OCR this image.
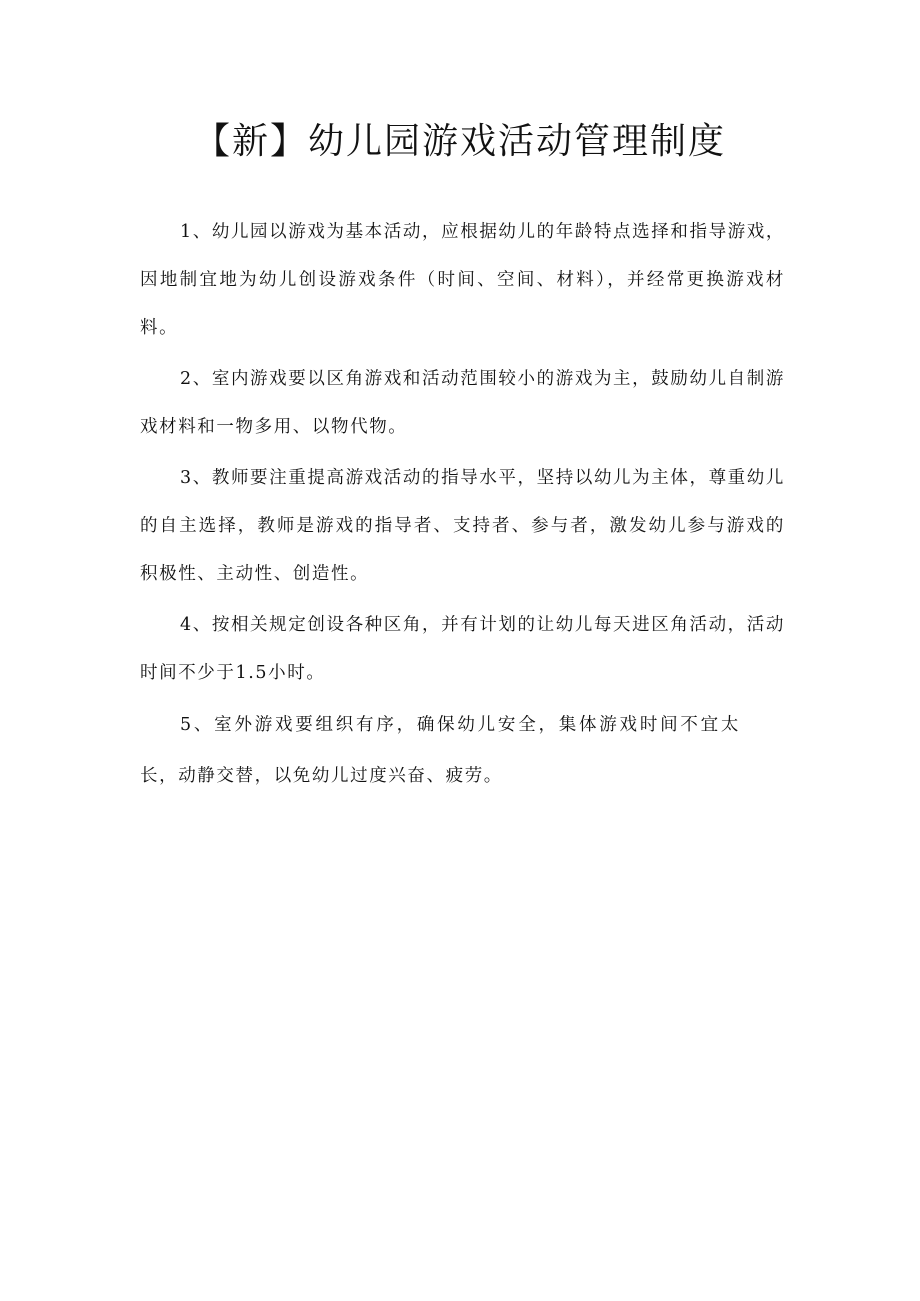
【新】幼儿园游戏活动管理制度

1、幼儿园以游戏为基本活动，应根据幼儿的年龄特点选择和指导游戏，因地制宜地为幼儿创设游戏条件（时间、空间、材料），并经常更换游戏材料。

2、室内游戏要以区角游戏和活动范围较小的游戏为主，鼓励幼儿自制游戏材料和一物多用、以物代物。

3、教师要注重提高游戏活动的指导水平，坚持以幼儿为主体，尊重幼儿的自主选择，教师是游戏的指导者、支持者、参与者，激发幼儿参与游戏的积极性、主动性、创造性。

4、按相关规定创设各种区角，并有计划的让幼儿每天进区角活动，活动时间不少于1.5小时。

5、室外游戏要组织有序，确保幼儿安全，集体游戏时间不宜太长，动静交替，以免幼儿过度兴奋、疲劳。
